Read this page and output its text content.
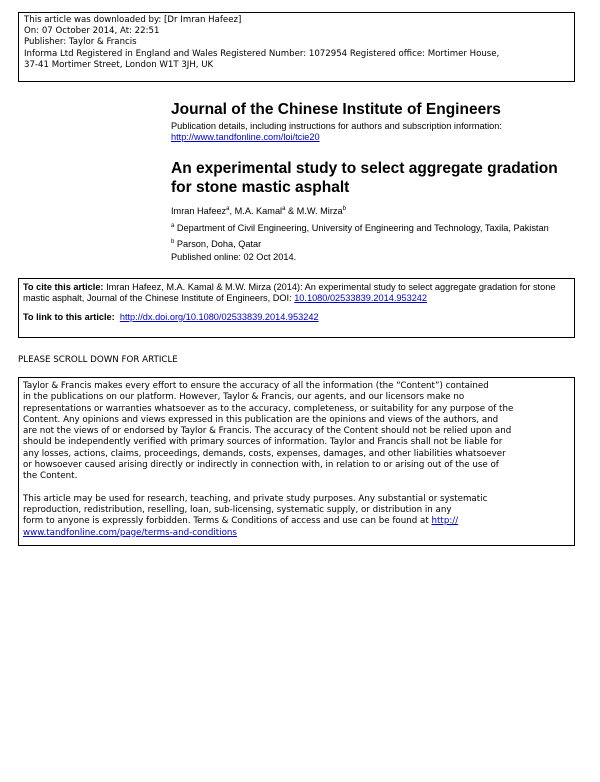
This article was downloaded by: [Dr Imran Hafeez]
On: 07 October 2014, At: 22:51
Publisher: Taylor & Francis
Informa Ltd Registered in England and Wales Registered Number: 1072954 Registered office: Mortimer House,
37-41 Mortimer Street, London W1T 3JH, UK
Journal of the Chinese Institute of Engineers
Publication details, including instructions for authors and subscription information:
http://www.tandfonline.com/loi/tcie20
An experimental study to select aggregate gradation
for stone mastic asphalt
Imran Hafeez$^a$, M.A. Kamal$^a$ & M.W. Mirza$^b$
$^a$ Department of Civil Engineering, University of Engineering and Technology, Taxila, Pakistan
$^b$ Parson, Doha, Qatar
Published online: 02 Oct 2014.
To cite this article: Imran Hafeez, M.A. Kamal & M.W. Mirza (2014): An experimental study to select aggregate gradation for stone mastic asphalt, Journal of the Chinese Institute of Engineers, DOI: 10.1080/02533839.2014.953242
To link to this article: http://dx.doi.org/10.1080/02533839.2014.953242
PLEASE SCROLL DOWN FOR ARTICLE

Taylor & Francis makes every effort to ensure the accuracy of all the information (the “Content”) contained
in the publications on our platform. However, Taylor & Francis, our agents, and our licensors make no
representations or warranties whatsoever as to the accuracy, completeness, or suitability for any purpose of the
Content. Any opinions and views expressed in this publication are the opinions and views of the authors, and
are not the views of or endorsed by Taylor & Francis. The accuracy of the Content should not be relied upon and
should be independently verified with primary sources of information. Taylor and Francis shall not be liable for
any losses, actions, claims, proceedings, demands, costs, expenses, damages, and other liabilities whatsoever
or howsoever caused arising directly or indirectly in connection with, in relation to or arising out of the use of
the Content.

This article may be used for research, teaching, and private study purposes. Any substantial or systematic
reproduction, redistribution, reselling, loan, sub-licensing, systematic supply, or distribution in any
form to anyone is expressly forbidden. Terms & Conditions of access and use can be found at http://
www.tandfonline.com/page/terms-and-conditions
